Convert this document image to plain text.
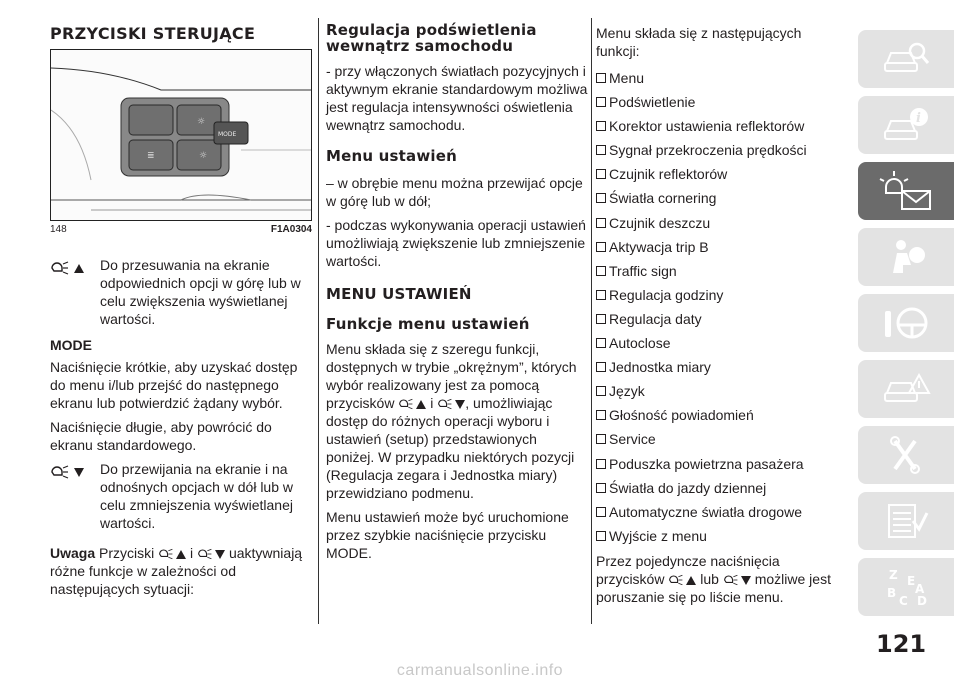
PRZYCISKI STERUJĄCE
MODE
☼
☼
≣
148	F1A0304
Do przesuwania na ekranie odpowiednich opcji w górę lub w celu zwiększenia wyświetlanej wartości.
MODE

Naciśnięcie krótkie, aby uzyskać dostęp do menu i/lub przejść do następnego ekranu lub potwierdzić żądany wybór.

Naciśnięcie długie, aby powrócić do ekranu standardowego.

Do przewijania na ekranie i na odnośnych opcjach w dół lub w celu zmniejszenia wyświetlanej wartości.

Uwaga Przyciski	i	uaktywniają różne funkcje w zależności od następujących sytuacji:

Regulacja podświetlenia wewnątrz samochodu

- przy włączonych światłach pozycyjnych i aktywnym ekranie standardowym możliwa jest regulacja intensywności oświetlenia wewnątrz samochodu.

Menu ustawień

– w obrębie menu można przewijać opcje w górę lub w dół;

- podczas wykonywania operacji ustawień umożliwiają zwiększenie lub zmniejszenie wartości.

MENU USTAWIEŃ
Funkcje menu ustawień

Menu składa się z szeregu funkcji, dostępnych w trybie „okrężnym”, których wybór realizowany jest za pomocą przycisków	i , umożliwiając dostęp do różnych operacji wyboru i ustawień (setup) przedstawionych poniżej. W przypadku niektórych pozycji (Regulacja zegara i Jednostka miary) przewidziano podmenu.

Menu ustawień może być uruchomione przez szybkie naciśnięcie przycisku MODE.

Menu składa się z następujących funkcji:

Menu
Podświetlenie
Korektor ustawienia reflektorów
Sygnał przekroczenia prędkości
Czujnik reflektorów
Światła cornering
Czujnik deszczu
Aktywacja trip B
Traffic sign
Regulacja godziny
Regulacja daty
Autoclose
Jednostka miary
Język
Głośność powiadomień
Service
Poduszka powietrzna pasażera
Światła do jazdy dziennej
Automatyczne światła drogowe
Wyjście z menu

Przez pojedyncze naciśnięcia przycisków	lub	możliwe jest poruszanie się po liście menu.

i
Z E
A
B
C D
121
carmanualsonline.info
